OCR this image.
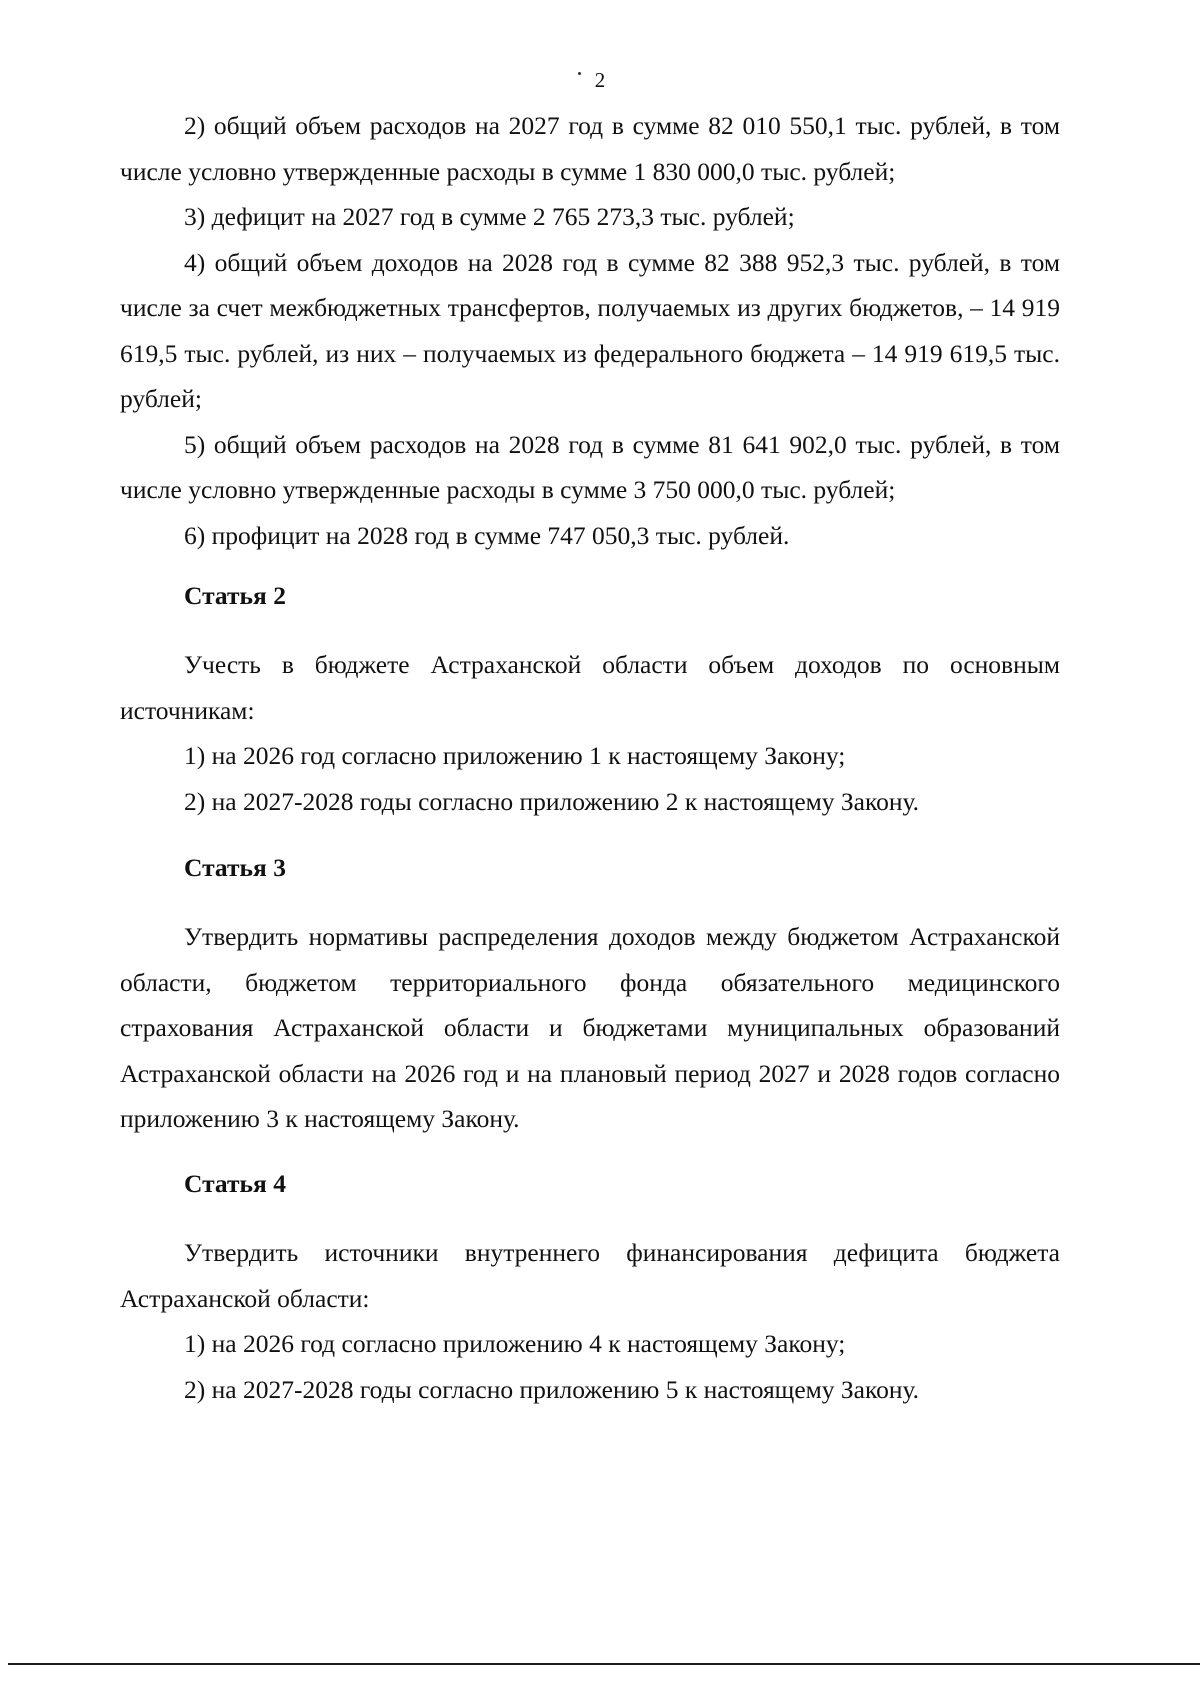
2

2) общий объем расходов на 2027 год в сумме 82 010 550,1 тыс. рублей, в том числе условно утвержденные расходы в сумме 1 830 000,0 тыс. рублей;

3) дефицит на 2027 год в сумме 2 765 273,3 тыс. рублей;

4) общий объем доходов на 2028 год в сумме 82 388 952,3 тыс. рублей, в том числе за счет межбюджетных трансфертов, получаемых из других бюджетов, – 14 919 619,5 тыс. рублей, из них – получаемых из федерального бюджета – 14 919 619,5 тыс. рублей;

5) общий объем расходов на 2028 год в сумме 81 641 902,0 тыс. рублей, в том числе условно утвержденные расходы в сумме 3 750 000,0 тыс. рублей;

6) профицит на 2028 год в сумме 747 050,3 тыс. рублей.

Статья 2

Учесть в бюджете Астраханской области объем доходов по основным источникам:

1) на 2026 год согласно приложению 1 к настоящему Закону;

2) на 2027-2028 годы согласно приложению 2 к настоящему Закону.

Статья 3

Утвердить нормативы распределения доходов между бюджетом Астраханской области, бюджетом территориального фонда обязательного медицинского страхования Астраханской области и бюджетами муниципальных образований Астраханской области на 2026 год и на плановый период 2027 и 2028 годов согласно приложению 3 к настоящему Закону.

Статья 4

Утвердить источники внутреннего финансирования дефицита бюджета Астраханской области:

1) на 2026 год согласно приложению 4 к настоящему Закону;

2) на 2027-2028 годы согласно приложению 5 к настоящему Закону.
